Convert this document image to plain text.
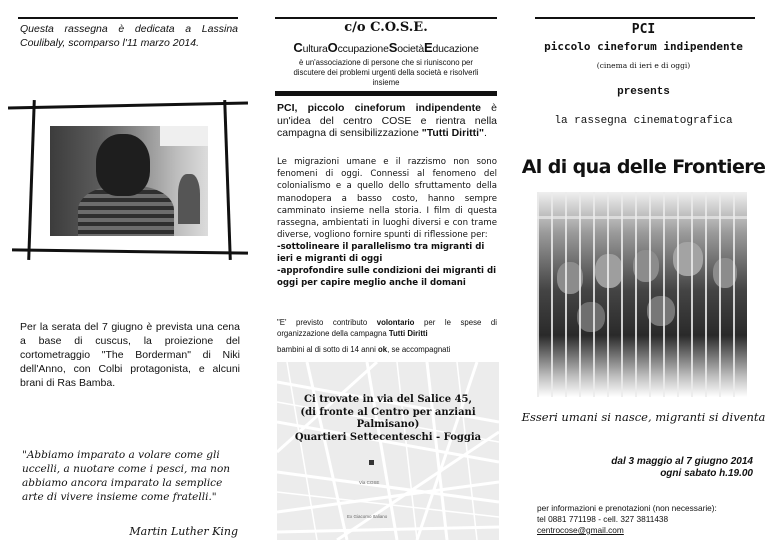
Questa rassegna è dedicata a Lassina Coulibaly, scomparso l'11 marzo 2014.
Per la serata del 7 giugno è prevista una cena a base di cuscus, la proiezione del cortometraggio "The Borderman" di Niki dell'Anno, con Colbi protagonista, e alcuni brani di Ras Bamba.
"Abbiamo imparato a volare come gli uccelli, a nuotare come i pesci, ma non abbiamo ancora imparato la semplice arte di vivere insieme come fratelli."
Martin Luther King
c/o C.O.S.E.
CulturaOccupazioneSocietàEducazione
è un'associazione di persone che si riuniscono per discutere dei problemi urgenti della società e risolverli insieme
PCI, piccolo cineforum indipendente è un'idea del centro COSE e rientra nella campagna di sensibilizzazione "Tutti Diritti".
Le migrazioni umane e il razzismo non sono fenomeni di oggi. Connessi al fenomeno del colonialismo e a quello dello sfruttamento della manodopera a basso costo, hanno sempre camminato insieme nella storia. I film di questa rassegna, ambientati in luoghi diversi e con trame diverse, vogliono fornire spunti di riflessione per:
-sottolineare il parallelismo tra migranti di ieri e migranti di oggi
-approfondire sulle condizioni dei migranti di oggi per capire meglio anche il domani
"E' previsto contributo volontario per le spese di organizzazione della campagna Tutti Diritti
bambini al di sotto di 14 anni ok, se accompagnati
Ci trovate in via del Salice 45,
(di fronte al Centro per anziani Palmisano)
Quartieri Settecenteschi - Foggia
Via COSE
Ex Giacomo Italiano
PCI
piccolo cineforum indipendente
(cinema di ieri e di oggi)
presents
la rassegna cinematografica
Al di qua delle Frontiere
Esseri umani si nasce, migranti si diventa
dal 3 maggio al 7 giugno 2014
ogni sabato h.19.00
per informazioni e prenotazioni (non necessarie):
tel 0881 771198 - cell. 327 3811438
centrocose@gmail.com
